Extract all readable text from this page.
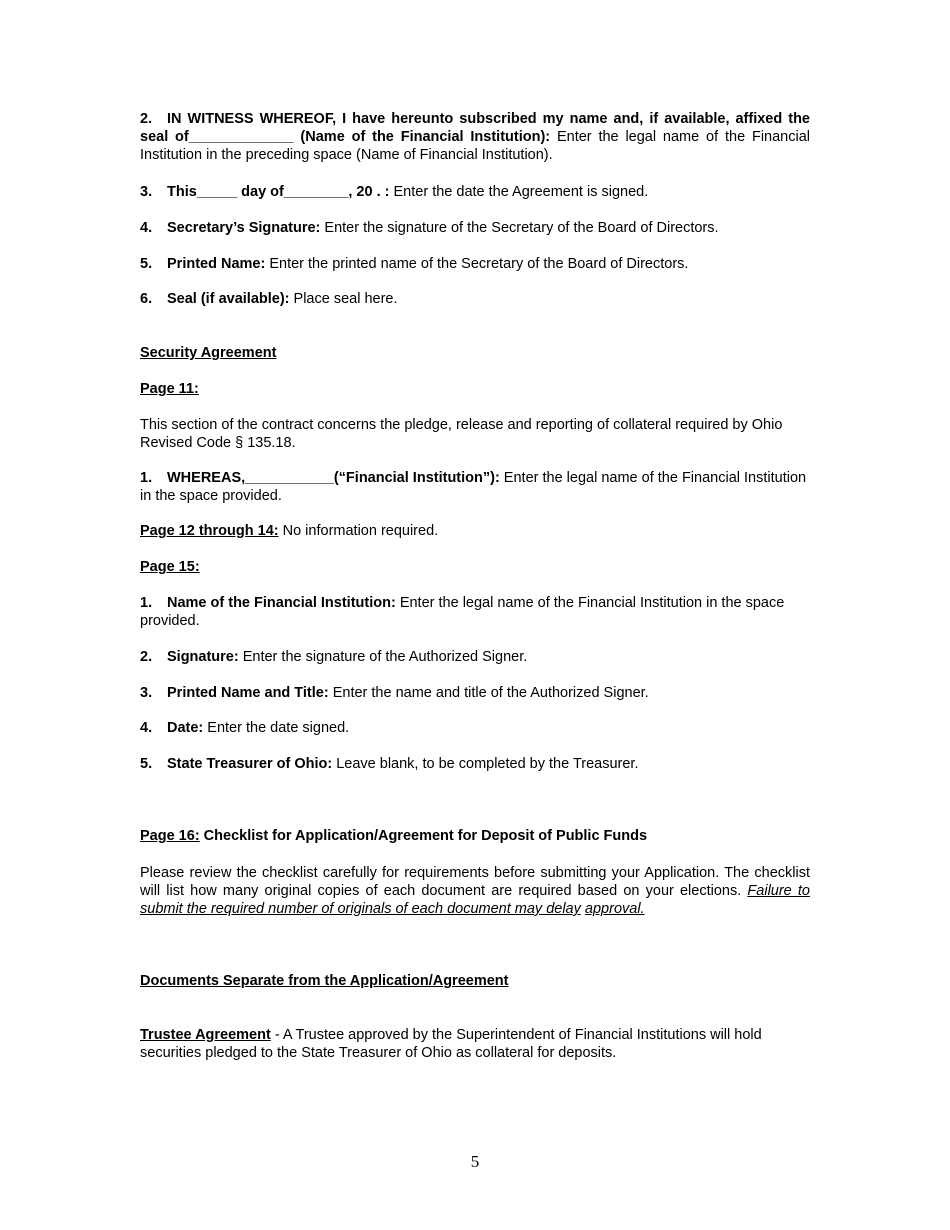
2. IN WITNESS WHEREOF, I have hereunto subscribed my name and, if available, affixed the seal of_____________ (Name of the Financial Institution): Enter the legal name of the Financial Institution in the preceding space (Name of Financial Institution).
3. This_____ day of________, 20 . : Enter the date the Agreement is signed.
4. Secretary’s Signature: Enter the signature of the Secretary of the Board of Directors.
5. Printed Name: Enter the printed name of the Secretary of the Board of Directors.
6. Seal (if available): Place seal here.
Security Agreement
Page 11:
This section of the contract concerns the pledge, release and reporting of collateral required by Ohio Revised Code § 135.18.
1. WHEREAS,___________(“Financial Institution”): Enter the legal name of the Financial Institution in the space provided.
Page 12 through 14: No information required.
Page 15:
1. Name of the Financial Institution: Enter the legal name of the Financial Institution in the space provided.
2. Signature: Enter the signature of the Authorized Signer.
3. Printed Name and Title: Enter the name and title of the Authorized Signer.
4. Date: Enter the date signed.
5. State Treasurer of Ohio: Leave blank, to be completed by the Treasurer.
Page 16: Checklist for Application/Agreement for Deposit of Public Funds
Please review the checklist carefully for requirements before submitting your Application. The checklist will list how many original copies of each document are required based on your elections. Failure to submit the required number of originals of each document may delay approval.
Documents Separate from the Application/Agreement
Trustee Agreement - A Trustee approved by the Superintendent of Financial Institutions will hold securities pledged to the State Treasurer of Ohio as collateral for deposits.
5
